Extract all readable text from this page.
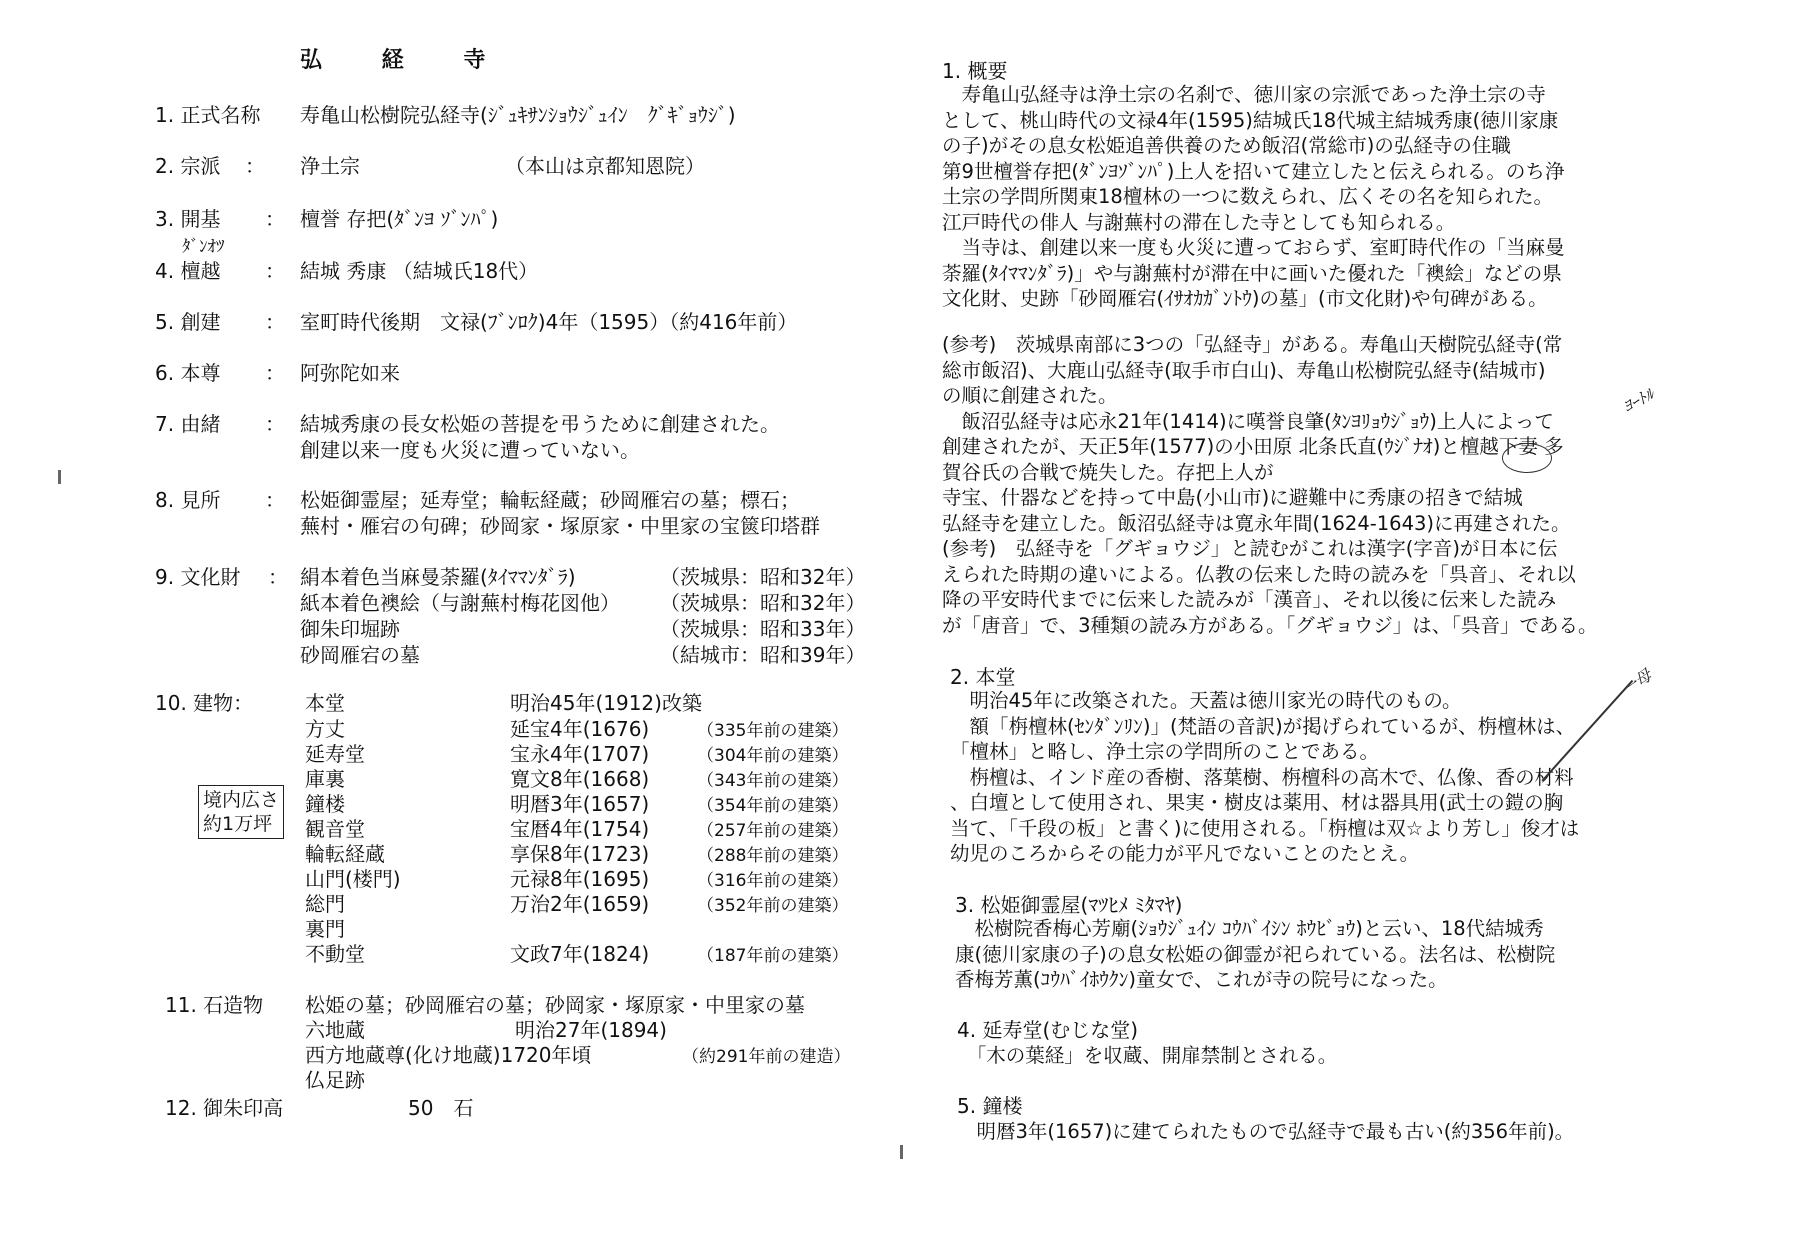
弘 経 寺
1. 正式名称 寿亀山松樹院弘経寺(ｼﾞｭｷｻﾝｼｮｳｼﾞｭｲﾝ　ｸﾞｷﾞｮｳｼﾞ)
2. 宗派 ： 浄土宗	（本山は京都知恩院）
3. 開基 ： 檀誉 存把(ﾀﾞﾝﾖ ｿﾞﾝﾊﾟ)
ﾀﾞﾝｵﾂ
4. 檀越 ： 結城 秀康 （結城氏18代）
5. 創建 ： 室町時代後期　文禄(ﾌﾞﾝﾛｸ)4年（1595）（約416年前）
6. 本尊 ： 阿弥陀如来
7. 由緒 ： 結城秀康の長女松姫の菩提を弔うために創建された。
創建以来一度も火災に遭っていない。
8. 見所 ： 松姫御霊屋；延寿堂；輪転経蔵；砂岡雁宕の墓；標石；
蕪村・雁宕の句碑；砂岡家・塚原家・中里家の宝篋印塔群
9. 文化財 ： 絹本着色当麻曼荼羅(ﾀｲﾏﾏﾝﾀﾞﾗ)	（茨城県：昭和32年）
紙本着色襖絵（与謝蕪村梅花図他） （茨城県：昭和32年）
御朱印堀跡	（茨城県：昭和33年）
砂岡雁宕の墓	（結城市：昭和39年）
10. 建物：	本堂	明治45年(1912)改築
方丈	延宝4年(1676)	（335年前の建築）
延寿堂	宝永4年(1707)	（304年前の建築）
庫裏	寛文8年(1668)	（343年前の建築）
鐘楼	明暦3年(1657)	（354年前の建築）
観音堂	宝暦4年(1754)	（257年前の建築）
輪転経蔵	享保8年(1723)	（288年前の建築）
山門(楼門)	元禄8年(1695)	（316年前の建築）
総門	万治2年(1659)	（352年前の建築）
裏門
不動堂	文政7年(1824)	（187年前の建築）
境内広さ
約1万坪
11. 石造物 松姫の墓；砂岡雁宕の墓；砂岡家・塚原家・中里家の墓
六地蔵	明治27年(1894)
西方地蔵尊(化け地蔵)1720年頃	（約291年前の建造）
仏足跡
12. 御朱印高	50　石
1. 概要
　寿亀山弘経寺は浄土宗の名刹で、徳川家の宗派であった浄土宗の寺
として、桃山時代の文禄4年(1595)結城氏18代城主結城秀康(徳川家康
の子)がその息女松姫追善供養のため飯沼(常総市)の弘経寺の住職
第9世檀誉存把(ﾀﾞﾝﾖｿﾞﾝﾊﾟ)上人を招いて建立したと伝えられる。のち浄
土宗の学問所関東18檀林の一つに数えられ、広くその名を知られた。
江戸時代の俳人 与謝蕪村の滞在した寺としても知られる。
　当寺は、創建以来一度も火災に遭っておらず、室町時代作の「当麻曼
荼羅(ﾀｲﾏﾏﾝﾀﾞﾗ)」や与謝蕪村が滞在中に画いた優れた「襖絵」などの県
文化財、史跡「砂岡雁宕(ｲｻｵｶｶﾞﾝﾄｳ)の墓」(市文化財)や句碑がある。
(参考)　茨城県南部に3つの「弘経寺」がある。寿亀山天樹院弘経寺(常
総市飯沼)、大鹿山弘経寺(取手市白山)、寿亀山松樹院弘経寺(結城市)
の順に創建された。
　飯沼弘経寺は応永21年(1414)に嘆誉良肇(ﾀﾝﾖﾘｮｳｼﾞｮｳ)上人によって
創建されたが、天正5年(1577)の小田原 北条氏直(ｳｼﾞﾅｵ)と檀越下妻 多
賀谷氏の合戦で焼失した。存把上人が
寺宝、什器などを持って中島(小山市)に避難中に秀康の招きで結城
弘経寺を建立した。飯沼弘経寺は寛永年間(1624-1643)に再建された。
(参考)　弘経寺を「グギョウジ」と読むがこれは漢字(字音)が日本に伝
えられた時期の違いによる。仏教の伝来した時の読みを「呉音」、それ以
降の平安時代までに伝来した読みが「漢音」、それ以後に伝来した読み
が「唐音」で、3種類の読み方がある。「グギョウジ」は、「呉音」である。
2. 本堂
　明治45年に改築された。天蓋は徳川家光の時代のもの。
　額「栴檀林(ｾﾝﾀﾞﾝﾘﾝ)」(梵語の音訳)が掲げられているが、栴檀林は、
「檀林」と略し、浄土宗の学問所のことである。
　栴檀は、インド産の香樹、落葉樹、栴檀科の高木で、仏像、香の材料
、白壇として使用され、果実・樹皮は薬用、材は器具用(武士の鎧の胸
当て、「千段の板」と書く)に使用される。「栴檀は双☆より芳し」俊才は
幼児のころからその能力が平凡でないことのたとえ。
3. 松姫御霊屋(ﾏﾂﾋﾒ ﾐﾀﾏﾔ)
　松樹院香梅心芳廟(ｼｮｳｼﾞｭｲﾝ ｺｳﾊﾞｲｼﾝ ﾎｳﾋﾞｮｳ)と云い、18代結城秀
康(徳川家康の子)の息女松姫の御霊が祀られている。法名は、松樹院
香梅芳薫(ｺｳﾊﾞｲﾎｳｸﾝ)童女で、これが寺の院号になった。
4. 延寿堂(むじな堂)
　「木の葉経」を収蔵、開扉禁制とされる。
5. 鐘楼
　明暦3年(1657)に建てられたもので弘経寺で最も古い(約356年前)。
ﾖｰﾄﾙ
一母
